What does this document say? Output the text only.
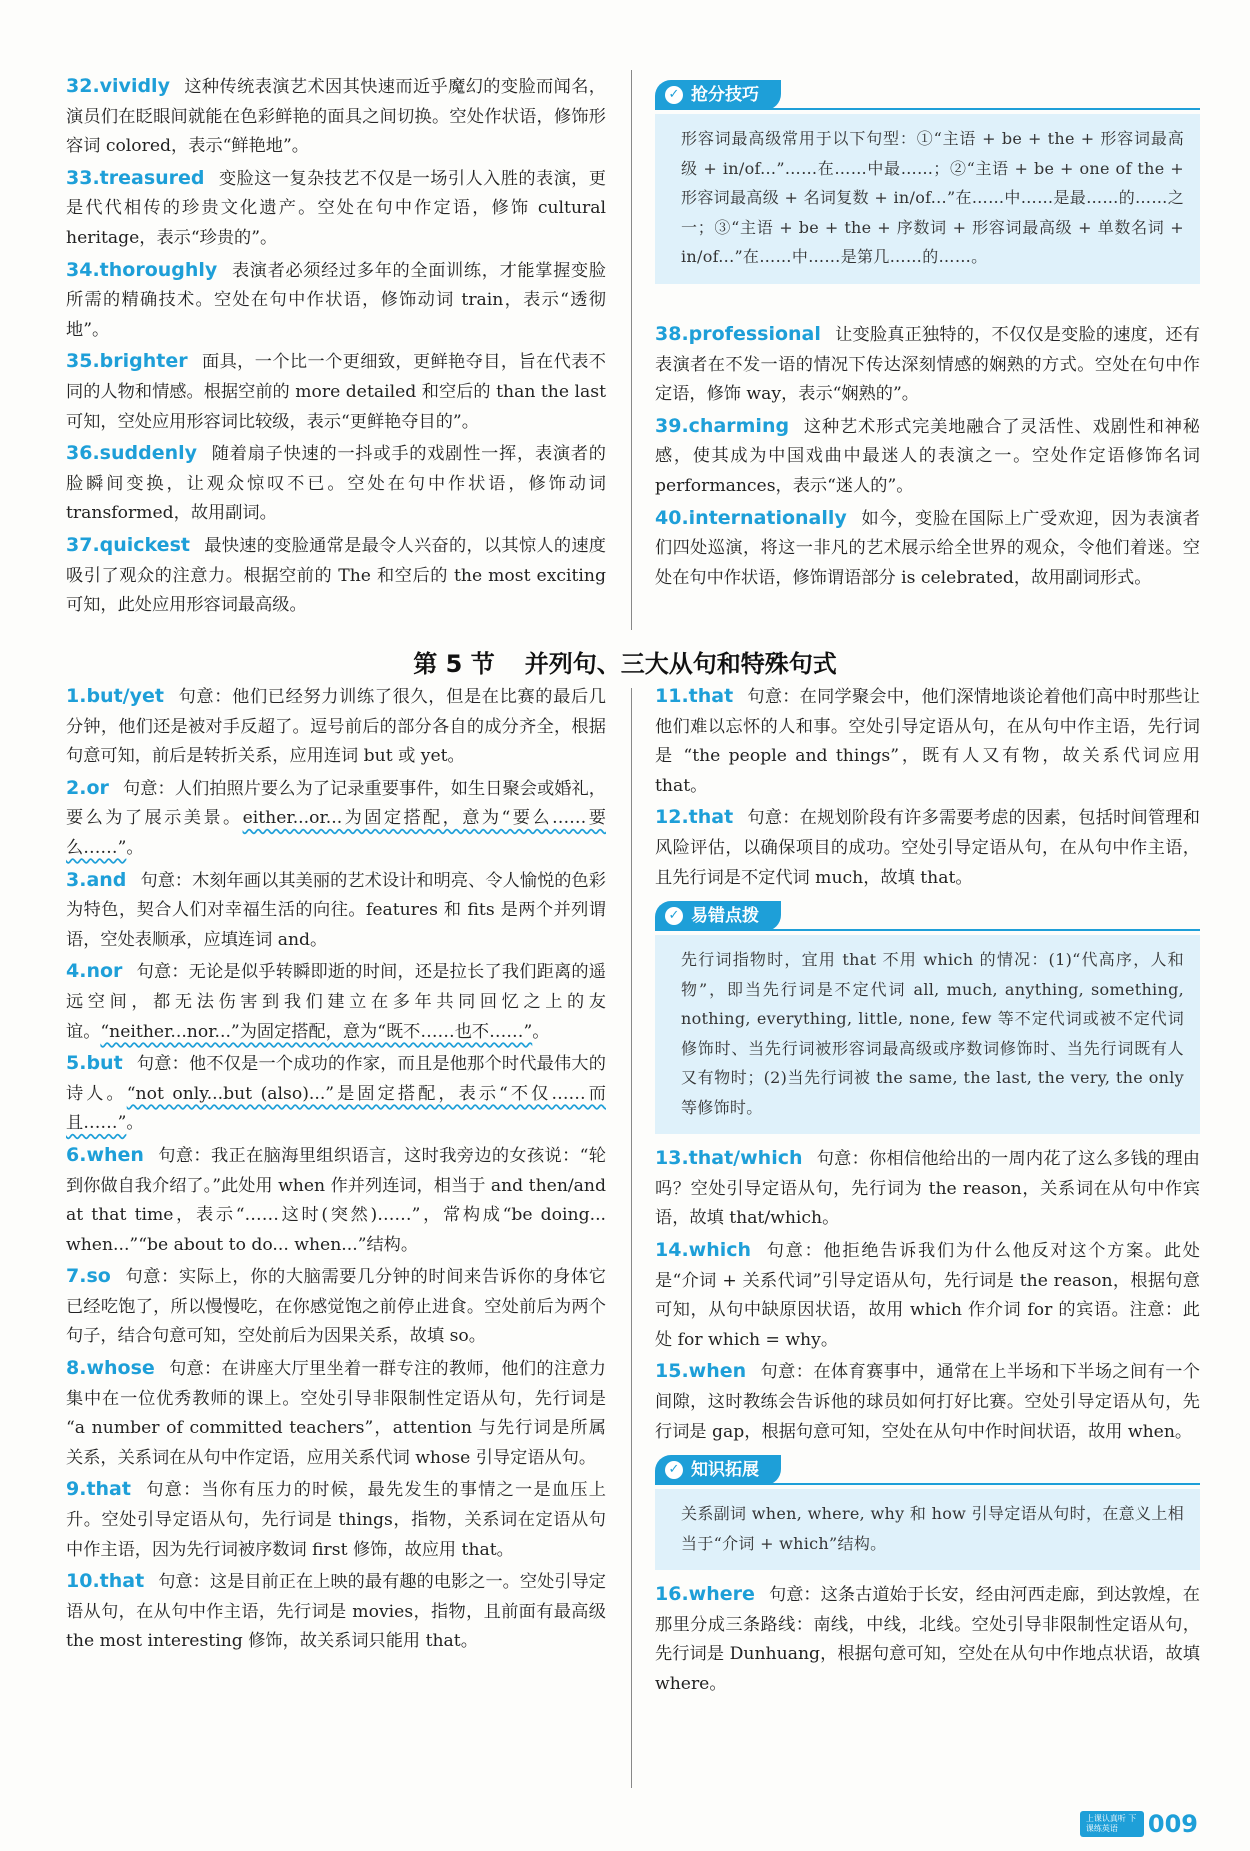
32.vividly 这种传统表演艺术因其快速而近乎魔幻的变脸而闻名，演员们在眨眼间就能在色彩鲜艳的面具之间切换。空处作状语，修饰形容词 colored，表示“鲜艳地”。
33.treasured 变脸这一复杂技艺不仅是一场引人入胜的表演，更是代代相传的珍贵文化遗产。空处在句中作定语，修饰 cultural heritage，表示“珍贵的”。
34.thoroughly 表演者必须经过多年的全面训练，才能掌握变脸所需的精确技术。空处在句中作状语，修饰动词 train，表示“透彻地”。
35.brighter 面具，一个比一个更细致，更鲜艳夺目，旨在代表不同的人物和情感。根据空前的 more detailed 和空后的 than the last 可知，空处应用形容词比较级，表示“更鲜艳夺目的”。
36.suddenly 随着扇子快速的一抖或手的戏剧性一挥，表演者的脸瞬间变换，让观众惊叹不已。空处在句中作状语，修饰动词 transformed，故用副词。
37.quickest 最快速的变脸通常是最令人兴奋的，以其惊人的速度吸引了观众的注意力。根据空前的 The 和空后的 the most exciting 可知，此处应用形容词最高级。
✓ 抢分技巧
形容词最高级常用于以下句型：①“主语 + be + the + 形容词最高级 + in/of...”……在……中最……；②“主语 + be + one of the + 形容词最高级 + 名词复数 + in/of...”在……中……是最……的……之一；③“主语 + be + the + 序数词 + 形容词最高级 + 单数名词 + in/of...”在……中……是第几……的……。
38.professional 让变脸真正独特的，不仅仅是变脸的速度，还有表演者在不发一语的情况下传达深刻情感的娴熟的方式。空处在句中作定语，修饰 way，表示“娴熟的”。
39.charming 这种艺术形式完美地融合了灵活性、戏剧性和神秘感，使其成为中国戏曲中最迷人的表演之一。空处作定语修饰名词 performances，表示“迷人的”。
40.internationally 如今，变脸在国际上广受欢迎，因为表演者们四处巡演，将这一非凡的艺术展示给全世界的观众，令他们着迷。空处在句中作状语，修饰谓语部分 is celebrated，故用副词形式。
第 5 节 并列句、三大从句和特殊句式
1.but/yet 句意：他们已经努力训练了很久，但是在比赛的最后几分钟，他们还是被对手反超了。逗号前后的部分各自的成分齐全，根据句意可知，前后是转折关系，应用连词 but 或 yet。
2.or 句意：人们拍照片要么为了记录重要事件，如生日聚会或婚礼，要么为了展示美景。either...or...为固定搭配，意为“要么……要么……”。
3.and 句意：木刻年画以其美丽的艺术设计和明亮、令人愉悦的色彩为特色，契合人们对幸福生活的向往。features 和 fits 是两个并列谓语，空处表顺承，应填连词 and。
4.nor 句意：无论是似乎转瞬即逝的时间，还是拉长了我们距离的遥远空间，都无法伤害到我们建立在多年共同回忆之上的友谊。“neither...nor...”为固定搭配，意为“既不……也不……”。
5.but 句意：他不仅是一个成功的作家，而且是他那个时代最伟大的诗人。“not only...but (also)...”是固定搭配，表示“不仅……而且……”。
6.when 句意：我正在脑海里组织语言，这时我旁边的女孩说：“轮到你做自我介绍了。”此处用 when 作并列连词，相当于 and then/and at that time，表示“……这时(突然)……”，常构成“be doing... when...”“be about to do... when...”结构。
7.so 句意：实际上，你的大脑需要几分钟的时间来告诉你的身体它已经吃饱了，所以慢慢吃，在你感觉饱之前停止进食。空处前后为两个句子，结合句意可知，空处前后为因果关系，故填 so。
8.whose 句意：在讲座大厅里坐着一群专注的教师，他们的注意力集中在一位优秀教师的课上。空处引导非限制性定语从句，先行词是 “a number of committed teachers”，attention 与先行词是所属关系，关系词在从句中作定语，应用关系代词 whose 引导定语从句。
9.that 句意：当你有压力的时候，最先发生的事情之一是血压上升。空处引导定语从句，先行词是 things，指物，关系词在定语从句中作主语，因为先行词被序数词 first 修饰，故应用 that。
10.that 句意：这是目前正在上映的最有趣的电影之一。空处引导定语从句，在从句中作主语，先行词是 movies，指物，且前面有最高级 the most interesting 修饰，故关系词只能用 that。
11.that 句意：在同学聚会中，他们深情地谈论着他们高中时那些让他们难以忘怀的人和事。空处引导定语从句，在从句中作主语，先行词是 “the people and things”，既有人又有物，故关系代词应用 that。
12.that 句意：在规划阶段有许多需要考虑的因素，包括时间管理和风险评估，以确保项目的成功。空处引导定语从句，在从句中作主语，且先行词是不定代词 much，故填 that。
✓ 易错点拨
先行词指物时，宜用 that 不用 which 的情况：(1)“代高序，人和物”，即当先行词是不定代词 all, much, anything, something, nothing, everything, little, none, few 等不定代词或被不定代词修饰时、当先行词被形容词最高级或序数词修饰时、当先行词既有人又有物时；(2)当先行词被 the same, the last, the very, the only 等修饰时。
13.that/which 句意：你相信他给出的一周内花了这么多钱的理由吗？空处引导定语从句，先行词为 the reason，关系词在从句中作宾语，故填 that/which。
14.which 句意：他拒绝告诉我们为什么他反对这个方案。此处是“介词 + 关系代词”引导定语从句，先行词是 the reason，根据句意可知，从句中缺原因状语，故用 which 作介词 for 的宾语。注意：此处 for which = why。
15.when 句意：在体育赛事中，通常在上半场和下半场之间有一个间隙，这时教练会告诉他的球员如何打好比赛。空处引导定语从句，先行词是 gap，根据句意可知，空处在从句中作时间状语，故用 when。
✓ 知识拓展
关系副词 when, where, why 和 how 引导定语从句时，在意义上相当于“介词 + which”结构。
16.where 句意：这条古道始于长安，经由河西走廊，到达敦煌，在那里分成三条路线：南线，中线，北线。空处引导非限制性定语从句，先行词是 Dunhuang，根据句意可知，空处在从句中作地点状语，故填 where。
上课认真听 下课练英语	009
